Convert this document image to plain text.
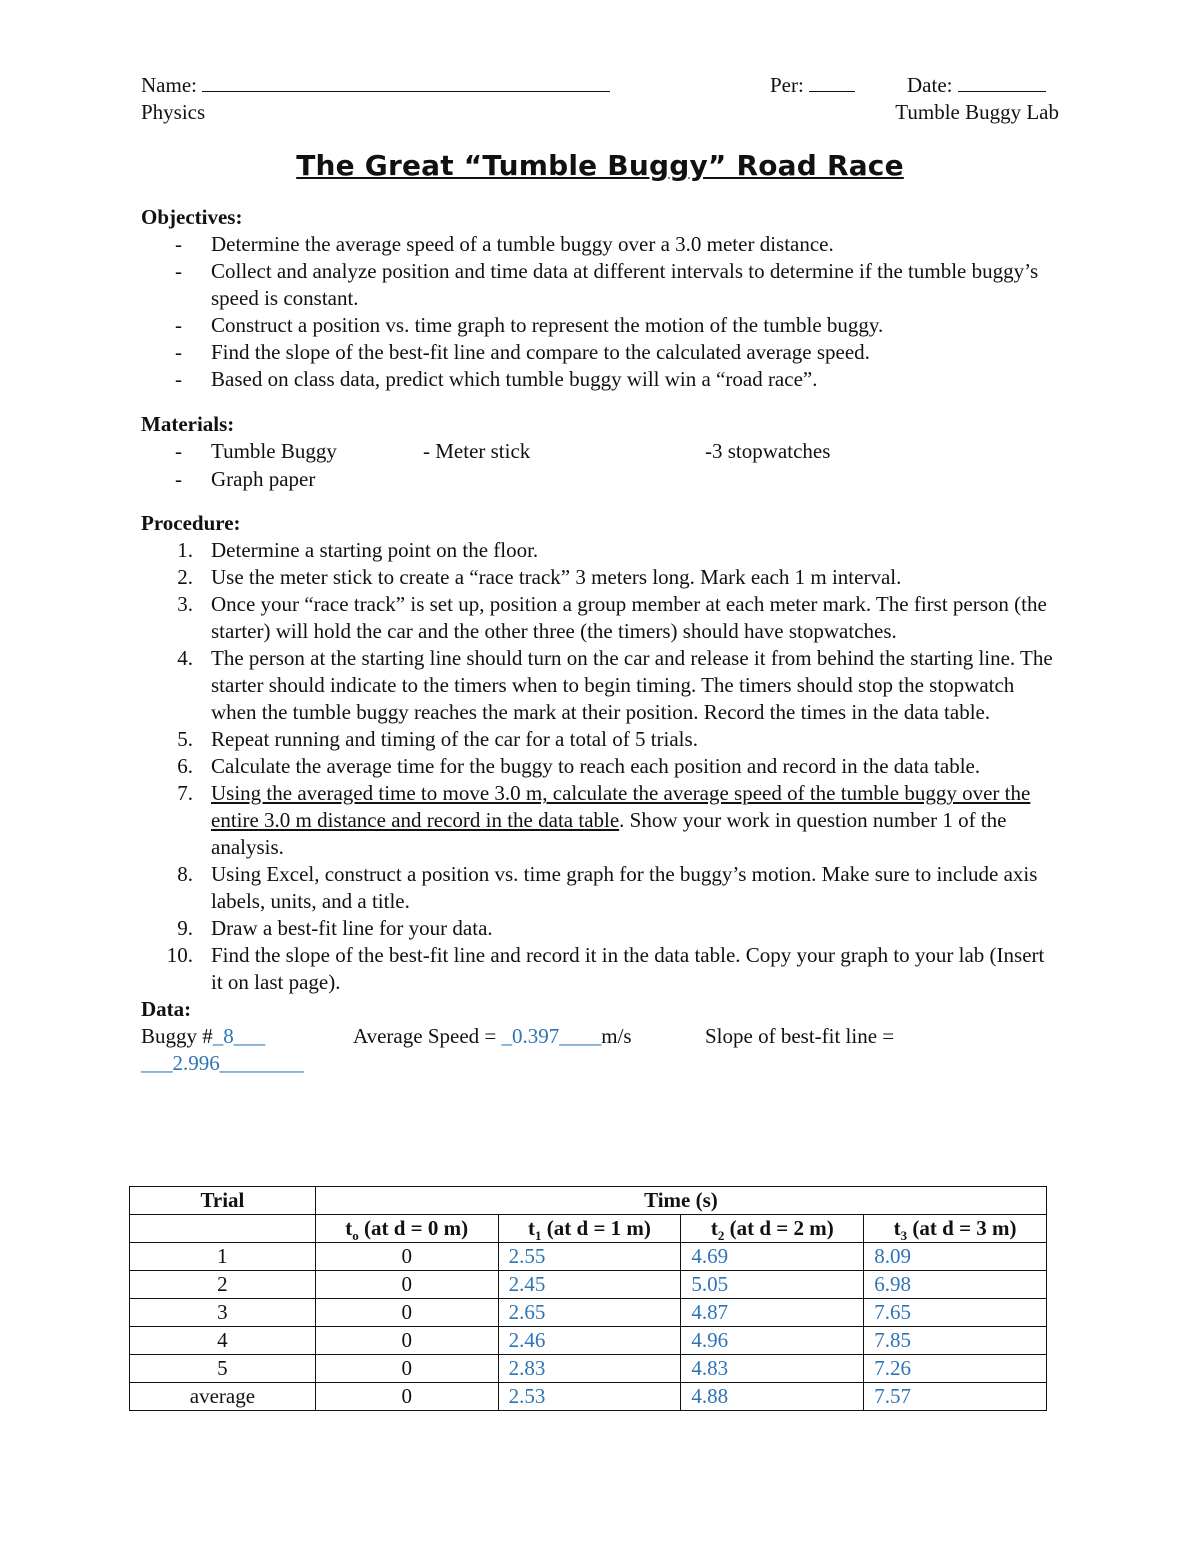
Name:	Per:	Date:
Physics	Tumble Buggy Lab
The Great “Tumble Buggy” Road Race
Objectives:
- Determine the average speed of a tumble buggy over a 3.0 meter distance.
- Collect and analyze position and time data at different intervals to determine if the tumble buggy’s speed is constant.
- Construct a position vs. time graph to represent the motion of the tumble buggy.
- Find the slope of the best-fit line and compare to the calculated average speed.
- Based on class data, predict which tumble buggy will win a “road race”.
Materials:
- Tumble Buggy	- Meter stick	-3 stopwatches
- Graph paper
Procedure:
1. Determine a starting point on the floor.
2. Use the meter stick to create a “race track” 3 meters long. Mark each 1 m interval.
3. Once your “race track” is set up, position a group member at each meter mark. The first person (the starter) will hold the car and the other three (the timers) should have stopwatches.
4. The person at the starting line should turn on the car and release it from behind the starting line. The starter should indicate to the timers when to begin timing. The timers should stop the stopwatch when the tumble buggy reaches the mark at their position. Record the times in the data table.
5. Repeat running and timing of the car for a total of 5 trials.
6. Calculate the average time for the buggy to reach each position and record in the data table.
7. Using the averaged time to move 3.0 m, calculate the average speed of the tumble buggy over the entire 3.0 m distance and record in the data table. Show your work in question number 1 of the analysis.
8. Using Excel, construct a position vs. time graph for the buggy’s motion. Make sure to include axis labels, units, and a title.
9. Draw a best-fit line for your data.
10. Find the slope of the best-fit line and record it in the data table. Copy your graph to your lab (Insert it on last page).
Data:
Buggy #_8___	Average Speed = _0.397____m/s	Slope of best-fit line =
___2.996________
Trial	Time (s)			
	$t_o$ (at d = 0 m)	$t_1$ (at d = 1 m)	$t_2$ (at d = 2 m)	$t_3$ (at d = 3 m)
1	0	2.55	4.69	8.09
2	0	2.45	5.05	6.98
3	0	2.65	4.87	7.65
4	0	2.46	4.96	7.85
5	0	2.83	4.83	7.26
average	0	2.53	4.88	7.57
